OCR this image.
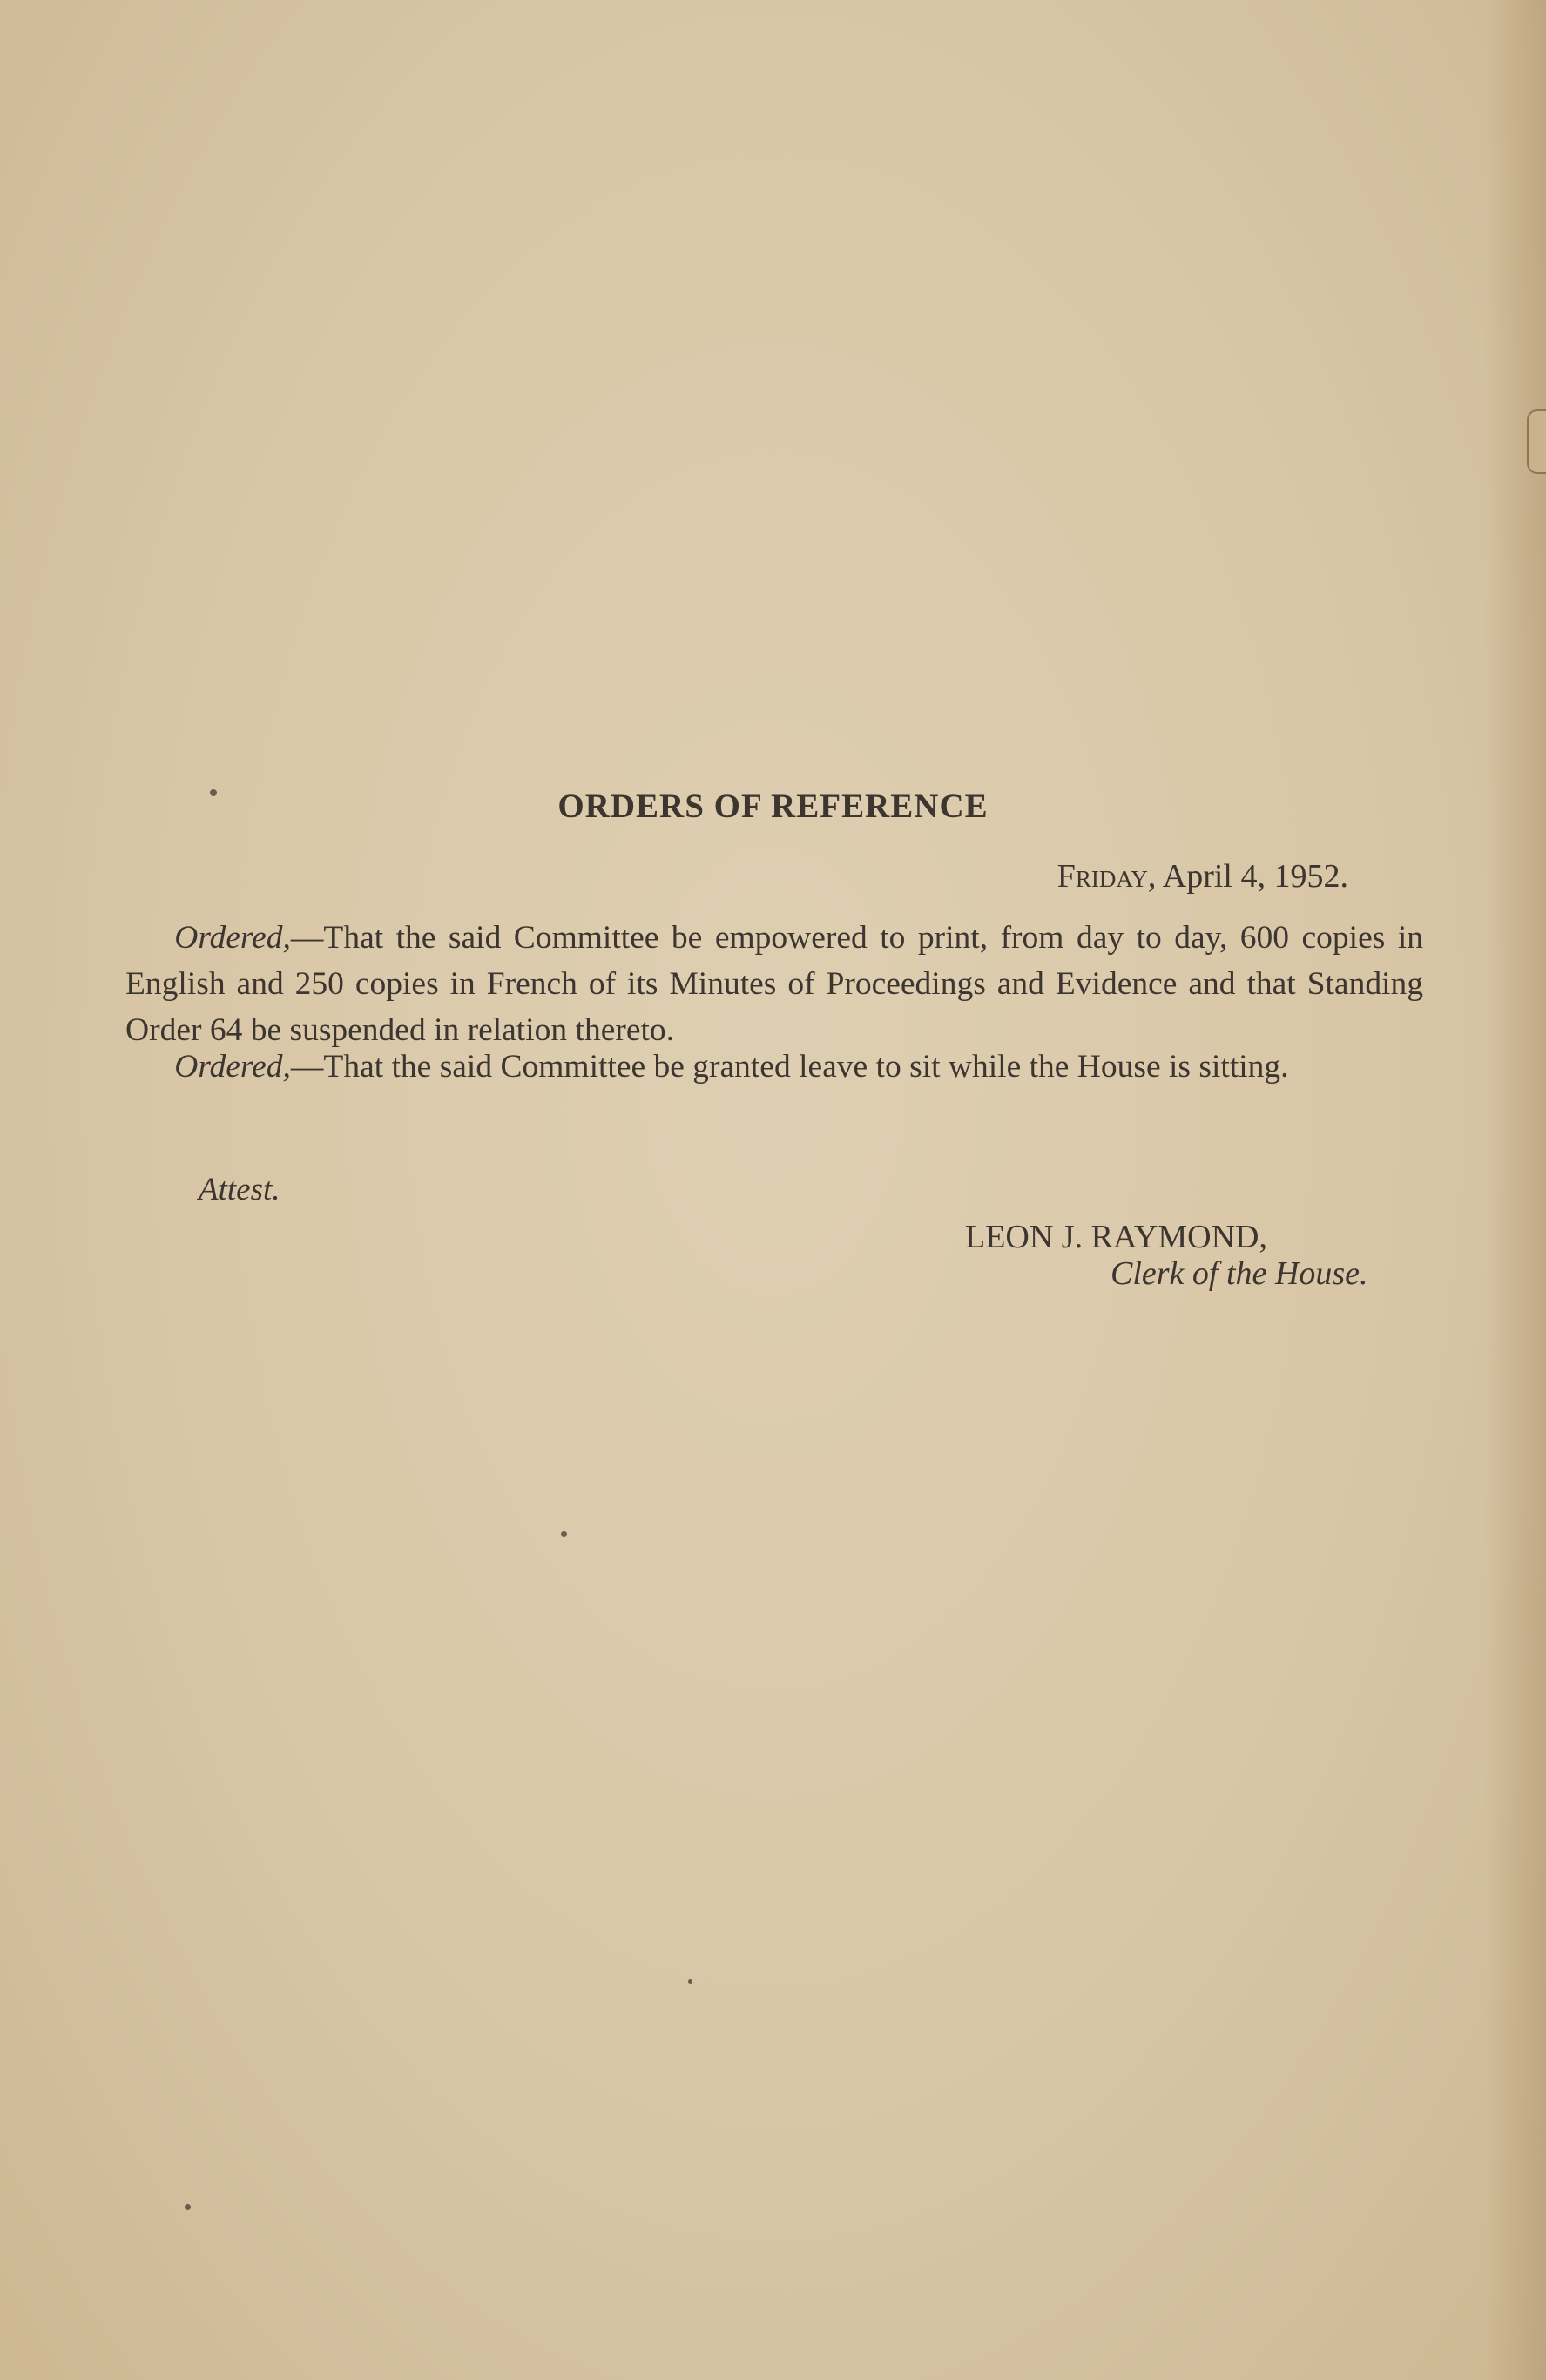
ORDERS OF REFERENCE

Friday, April 4, 1952.

  Ordered,—That the said Committee be empowered to print, from day to day, 600 copies in English and 250 copies in French of its Minutes of Proceedings and Evidence and that Standing Order 64 be suspended in relation thereto.

  Ordered,—That the said Committee be granted leave to sit while the House is sitting.

Attest.

LEON J. RAYMOND,

Clerk of the House.
